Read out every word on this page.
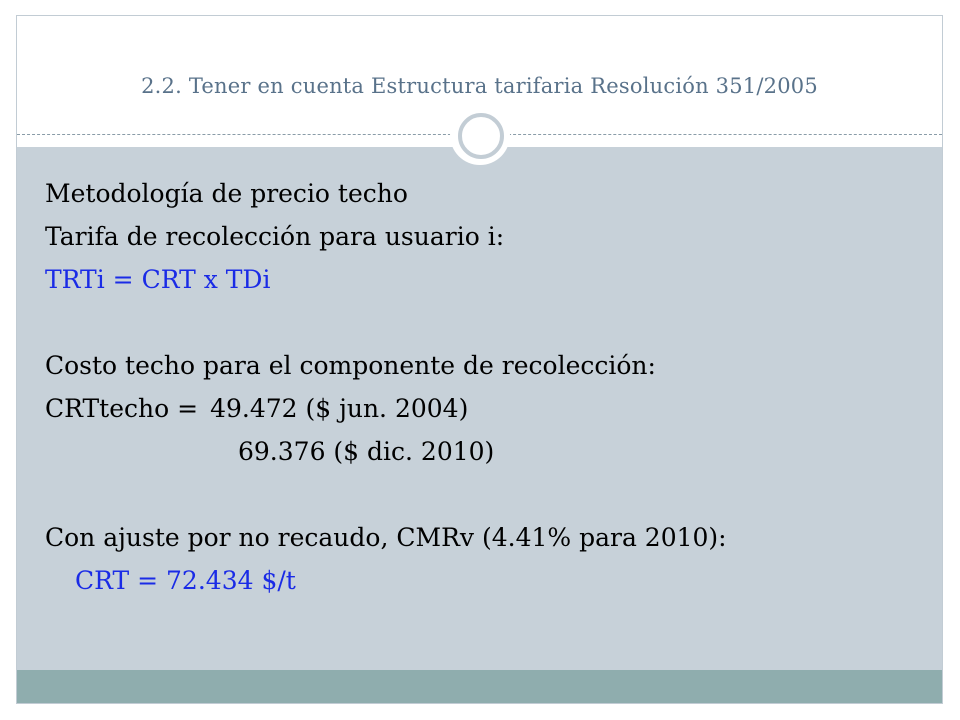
2.2. Tener en cuenta Estructura tarifaria Resolución 351/2005
Metodología de precio techo
Tarifa de recolección para usuario i:
TRTi = CRT x TDi
Costo techo para el componente de recolección:
CRTtecho = 49.472 ($ jun. 2004)
69.376 ($ dic. 2010)
Con ajuste por no recaudo, CMRv (4.41% para 2010):
CRT = 72.434 $/t
